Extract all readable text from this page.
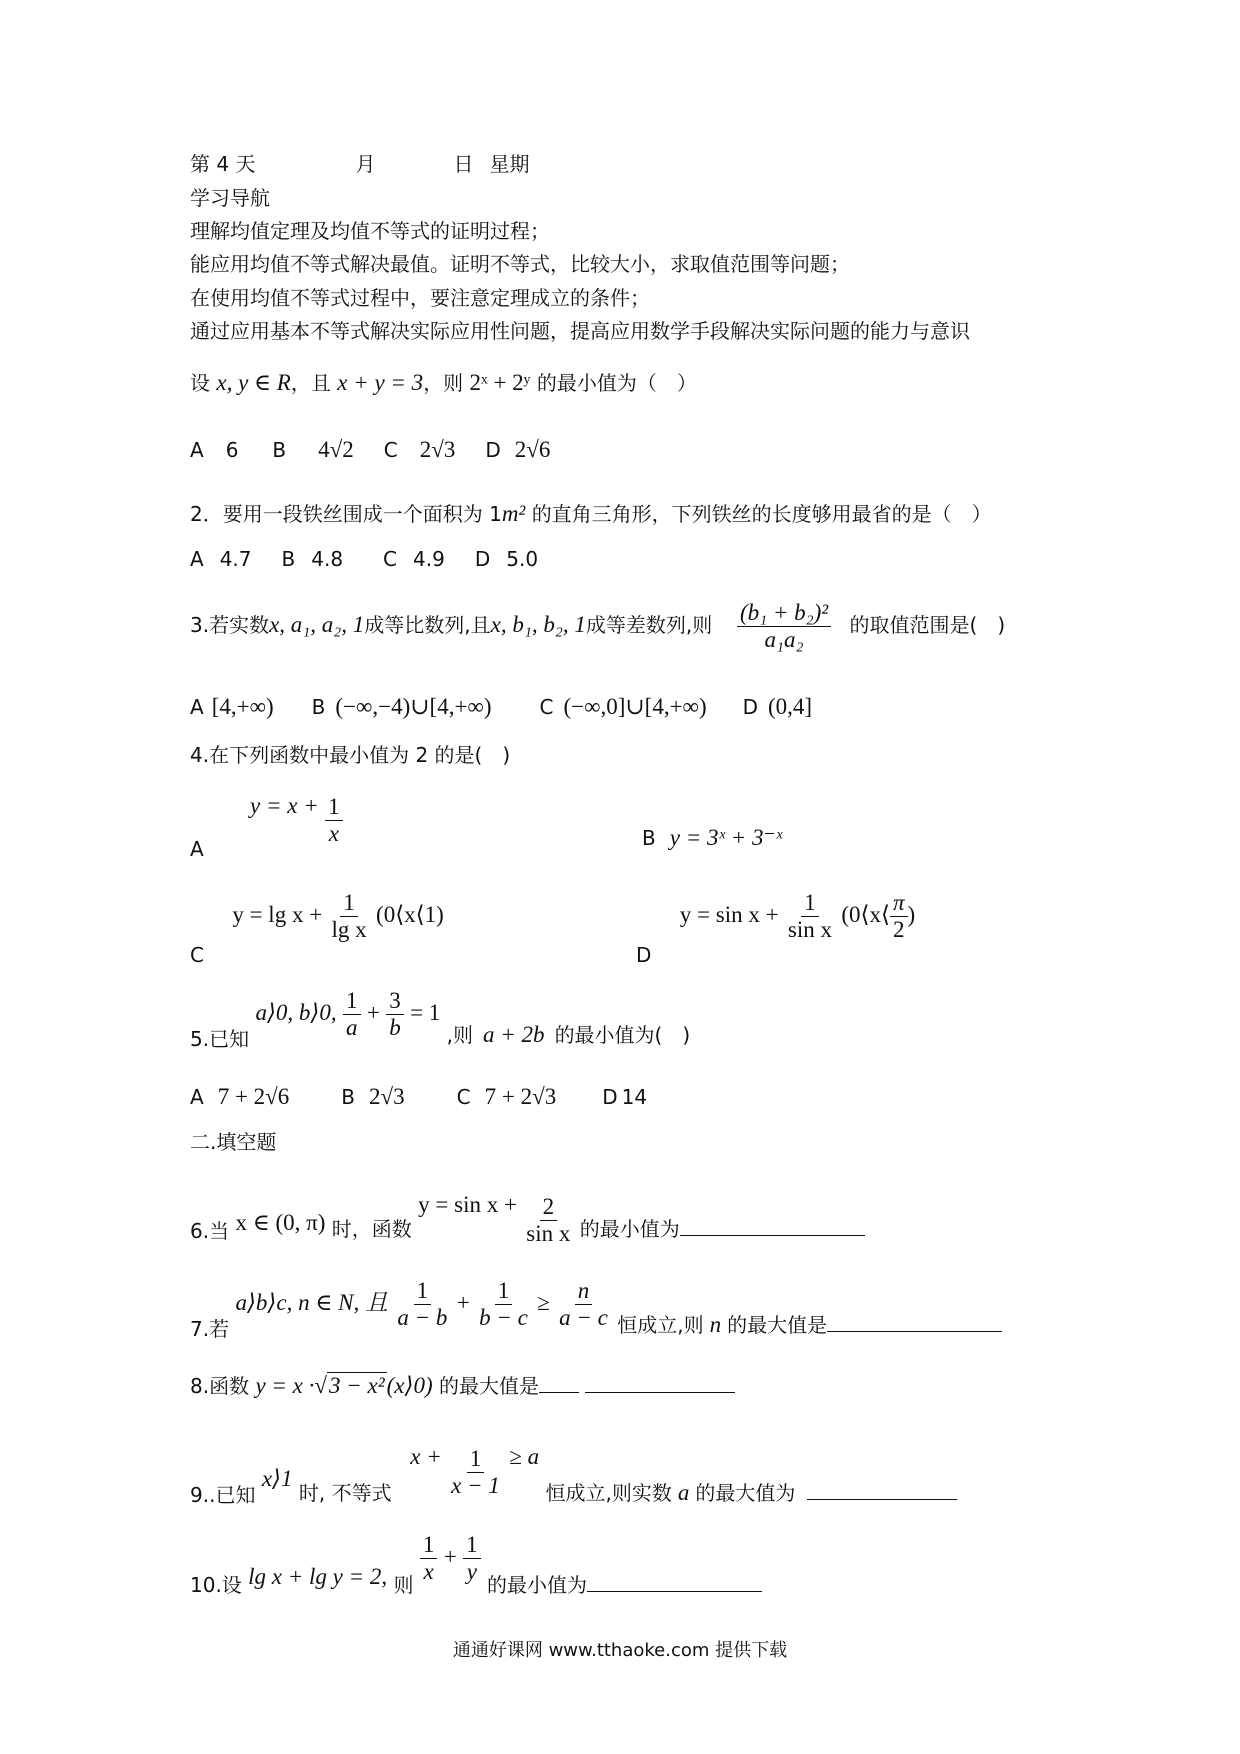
第 4 天	月	日 星期
学习导航
理解均值定理及均值不等式的证明过程；
能应用均值不等式解决最值。证明不等式，比较大小，求取值范围等问题；
在使用均值不等式过程中，要注意定理成立的条件；
通过应用基本不等式解决实际应用性问题，提高应用数学手段解决实际问题的能力与意识
设 x, y ∈ R，且 x + y = 3，则 2ˣ + 2ʸ 的最小值为（　）
A 6 B 4√2 C 2√3 D 2√6
2．要用一段铁丝围成一个面积为 1m² 的直角三角形，下列铁丝的长度够用最省的是（　）
A 4.7 B 4.8 C 4.9 D 5.0
3.若实数x, a₁, a₂, 1成等比数列,且x, b₁, b₂, 1成等差数列,则 $\frac{\text{(b₁ + b₂)²}}{\text{a₁a₂}}$ 的取值范围是(　)
A [4,+∞) B (−∞,−4)∪[4,+∞) C (−∞,0]∪[4,+∞) D (0,4]
4.在下列函数中最小值为 2 的是(　)
A $y = x + \frac{1}{x}$	B y = 3ˣ + 3⁻ˣ
C $y = \lg x + \frac{1}{\text{lg x}}$ (0⟨x⟨1)
D $y = \sin x + \frac{1}{\text{sin x}}$ (0⟨x⟨ $\frac{\pi}{2}$ )
5.已知 a⟩0, b⟩0, $\frac{1}{a} + \frac{3}{b} = 1$ ,则 a + 2b 的最小值为(　)
A 7 + 2√6	B 2√3	C 7 + 2√3 D 14
二.填空题
6.当 x ∈ (0, π) 时，函数 $y = \sin x + \frac{2}{\text{sin x}}$ 的最小值为
7.若 a⟩b⟩c, n ∈ N, 且 $\frac{1}{a - b} + \frac{1}{b - c} \ge \frac{n}{a - c}$ 恒成立,则 n 的最大值是
8.函数 y = x ·√3 − x²(x⟩0) 的最大值是
9..已知 x⟩1 时, 不等式  $x + \frac{1}{x - 1} \ge a$ 恒成立,则实数 a 的最大值为
10.设 lg x + lg y = 2, 则 $\frac{1}{x} + \frac{1}{y}$ 的最小值为
通通好课网 www.tthaoke.com 提供下载
